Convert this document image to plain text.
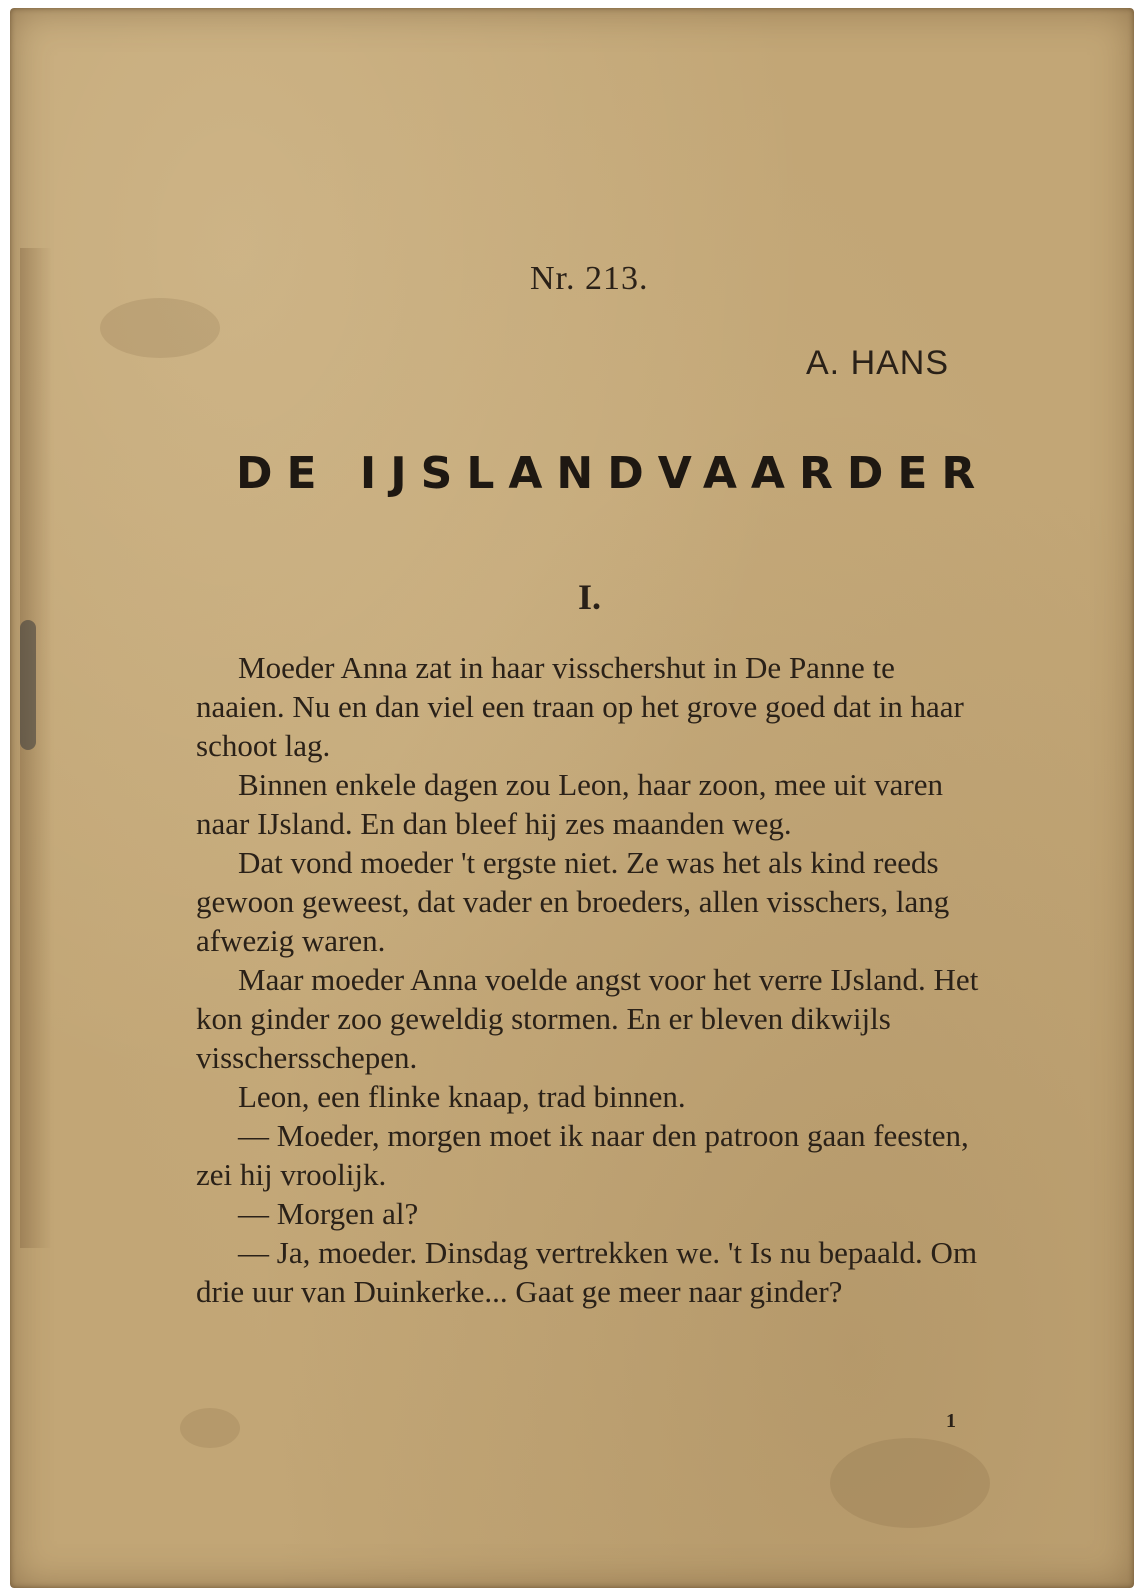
Nr. 213.
A. HANS
DE IJSLANDVAARDER
I.

Moeder Anna zat in haar visschershut in De Panne te naaien. Nu en dan viel een traan op het grove goed dat in haar schoot lag.

Binnen enkele dagen zou Leon, haar zoon, mee uit varen naar IJsland. En dan bleef hij zes maanden weg.

Dat vond moeder 't ergste niet. Ze was het als kind reeds gewoon geweest, dat vader en broeders, allen visschers, lang afwezig waren.

Maar moeder Anna voelde angst voor het verre IJsland. Het kon ginder zoo geweldig stormen. En er bleven dikwijls visschersschepen.

Leon, een flinke knaap, trad binnen.

— Moeder, morgen moet ik naar den patroon gaan feesten, zei hij vroolijk.

— Morgen al?

— Ja, moeder. Dinsdag vertrekken we. 't Is nu bepaald. Om drie uur van Duinkerke... Gaat ge meer naar ginder?

1
